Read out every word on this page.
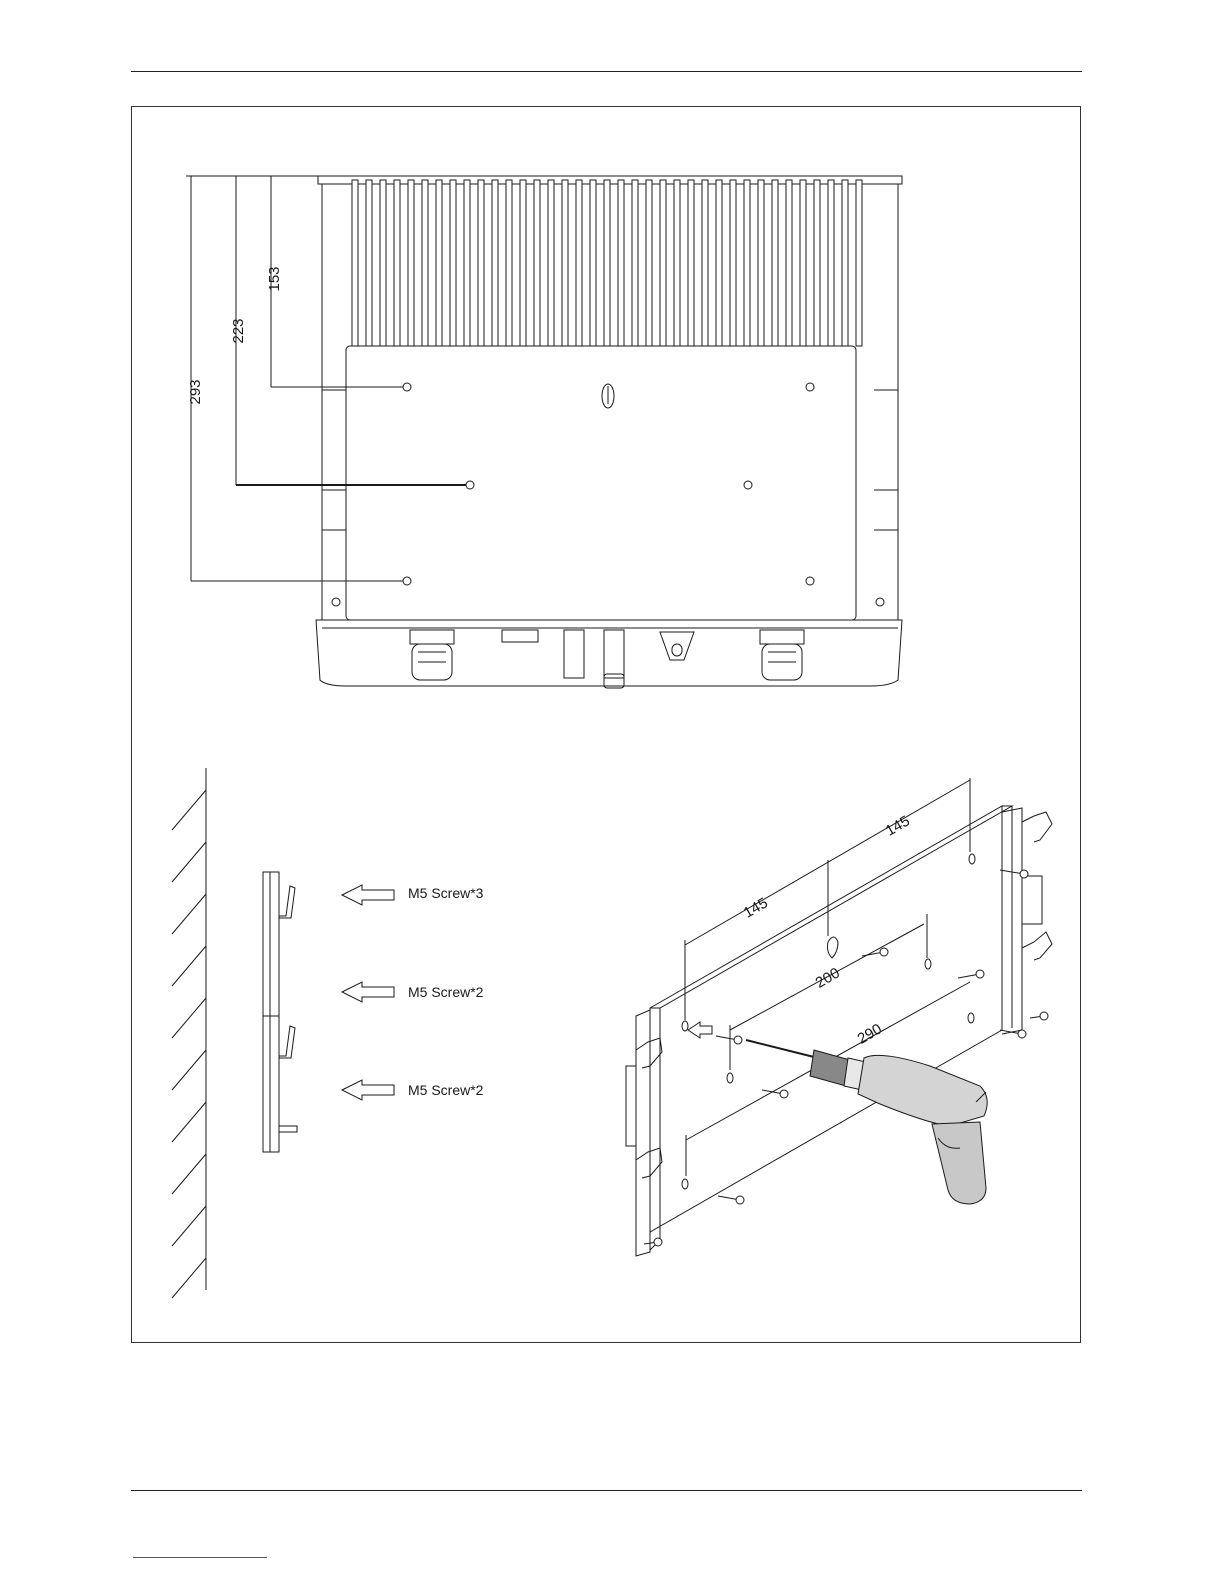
293
223
153
M5 Screw*3
M5 Screw*2
M5 Screw*2
145
145
200
290
